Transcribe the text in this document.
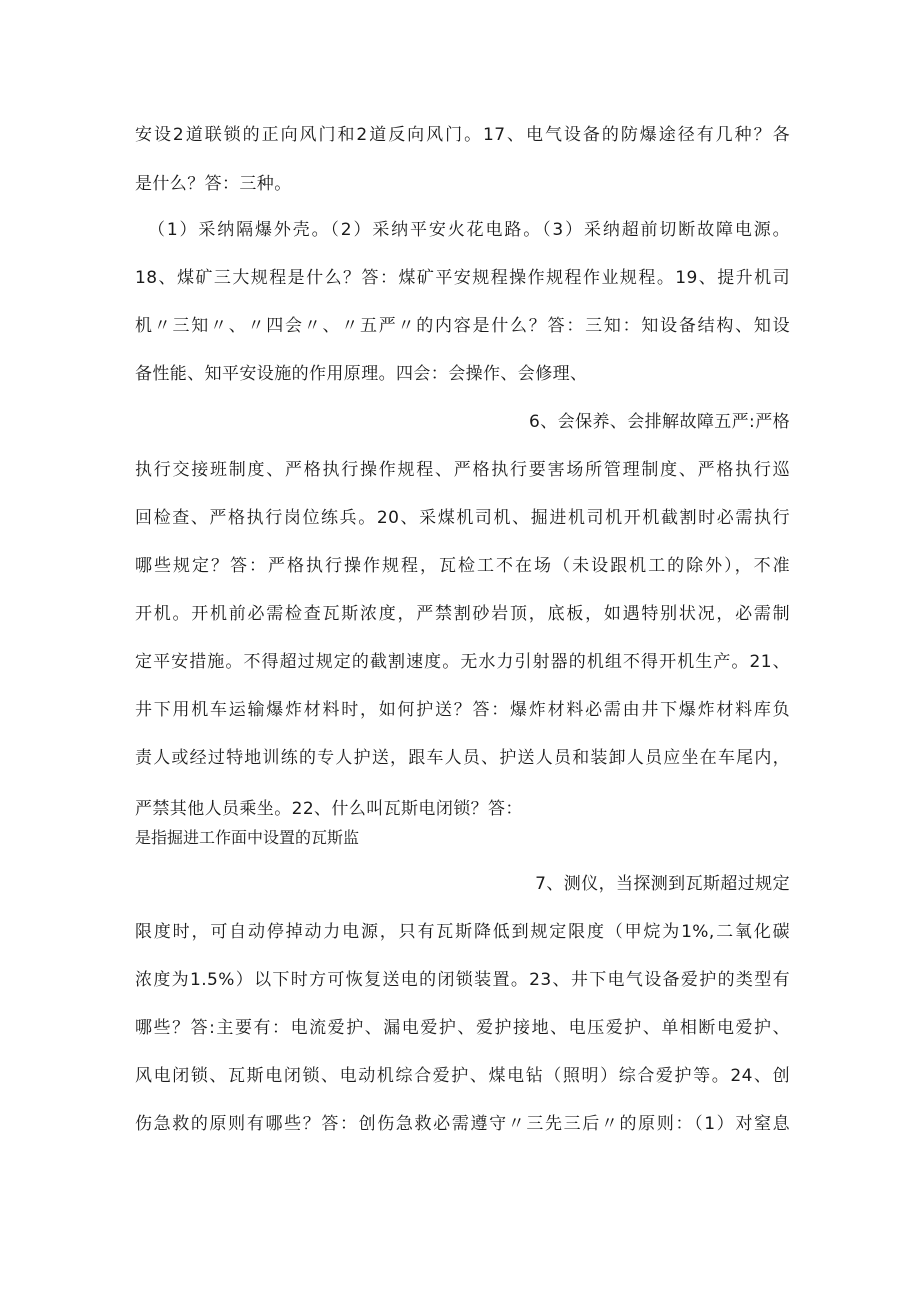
安设2道联锁的正向风门和2道反向风门。17、电气设备的防爆途径有几种？各
是什么？答：三种。
（1）采纳隔爆外壳。（2）采纳平安火花电路。（3）采纳超前切断故障电源。
18、煤矿三大规程是什么？答：煤矿平安规程操作规程作业规程。19、提升机司
机〃三知〃、〃四会〃、〃五严〃的内容是什么？答：三知：知设备结构、知设
备性能、知平安设施的作用原理。四会：会操作、会修理、
6、会保养、会排解故障五严:严格
执行交接班制度、严格执行操作规程、严格执行要害场所管理制度、严格执行巡
回检查、严格执行岗位练兵。20、采煤机司机、掘进机司机开机截割时必需执行
哪些规定？答：严格执行操作规程，瓦检工不在场（未设跟机工的除外），不准
开机。开机前必需检查瓦斯浓度，严禁割砂岩顶，底板，如遇特别状况，必需制
定平安措施。不得超过规定的截割速度。无水力引射器的机组不得开机生产。21、
井下用机车运输爆炸材料时，如何护送？答：爆炸材料必需由井下爆炸材料库负
责人或经过特地训练的专人护送，跟车人员、护送人员和装卸人员应坐在车尾内，
严禁其他人员乘坐。22、什么叫瓦斯电闭锁？答：
是指掘进工作面中设置的瓦斯监
7、测仪，当探测到瓦斯超过规定
限度时，可自动停掉动力电源，只有瓦斯降低到规定限度（甲烷为1%,二氧化碳
浓度为1.5%）以下时方可恢复送电的闭锁装置。23、井下电气设备爱护的类型有
哪些？答:主要有：电流爱护、漏电爱护、爱护接地、电压爱护、单相断电爱护、
风电闭锁、瓦斯电闭锁、电动机综合爱护、煤电钻（照明）综合爱护等。24、创
伤急救的原则有哪些？答：创伤急救必需遵守〃三先三后〃的原则：（1）对窒息
